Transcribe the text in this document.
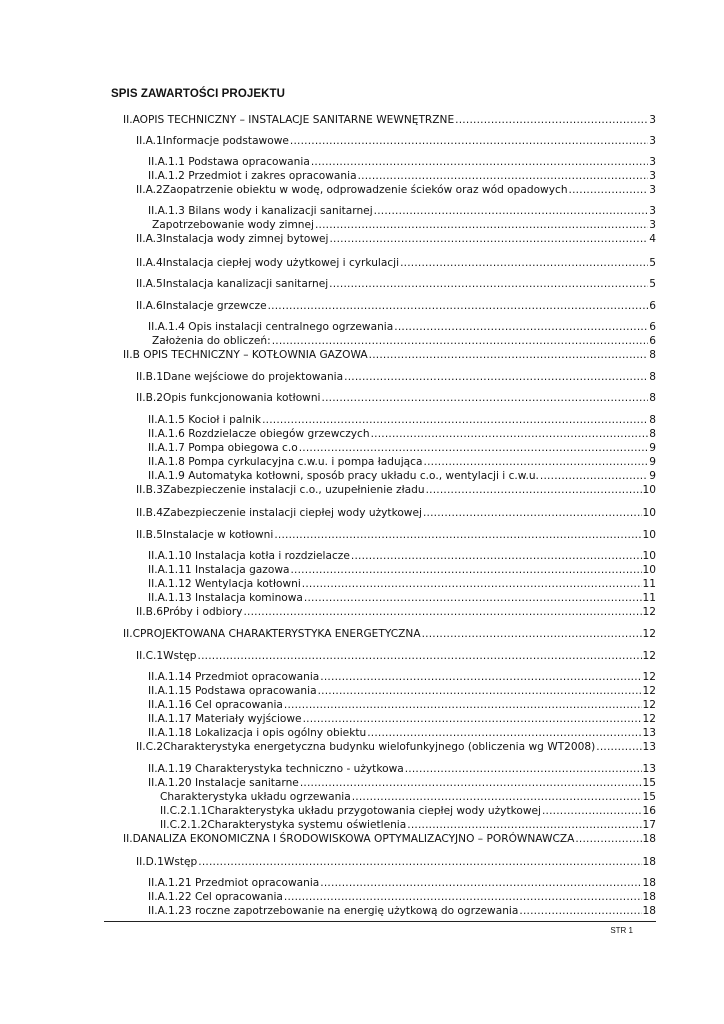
SPIS ZAWARTOŚCI PROJEKTU
II.AOPIS TECHNICZNY – INSTALACJE SANITARNE WEWNĘTRZNE .....	3
II.A.1Informacje podstawowe .....	3
II.A.1.1 Podstawa opracowania .....	3
II.A.1.2 Przedmiot i zakres opracowania .....	3
II.A.2Zaopatrzenie obiektu w wodę, odprowadzenie ścieków oraz wód opadowych .....	3
II.A.1.3 Bilans wody i kanalizacji sanitarnej .....	3
Zapotrzebowanie wody zimnej .....	3
II.A.3Instalacja wody zimnej bytowej .....	4
II.A.4Instalacja ciepłej wody użytkowej i cyrkulacji .....	5
II.A.5Instalacja kanalizacji sanitarnej .....	5
II.A.6Instalacje grzewcze .....	6
II.A.1.4 Opis instalacji centralnego ogrzewania .....	6
Założenia do obliczeń: .....	6
II.B OPIS TECHNICZNY – KOTŁOWNIA GAZOWA .....	8
II.B.1Dane wejściowe do projektowania .....	8
II.B.2Opis funkcjonowania kotłowni .....	8
II.A.1.5 Kocioł i palnik .....	8
II.A.1.6 Rozdzielacze obiegów grzewczych .....	8
II.A.1.7 Pompa obiegowa c.o .....	9
II.A.1.8 Pompa cyrkulacyjna c.w.u. i pompa ładująca .....	9
II.A.1.9 Automatyka kotłowni, sposób pracy układu c.o., wentylacji i c.w.u. .....	9
II.B.3Zabezpieczenie instalacji c.o., uzupełnienie zładu .....	10
II.B.4Zabezpieczenie instalacji ciepłej wody użytkowej .....	10
II.B.5Instalacje w kotłowni .....	10
II.A.1.10 Instalacja kotła i rozdzielacze .....	10
II.A.1.11 Instalacja gazowa .....	10
II.A.1.12 Wentylacja kotłowni .....	11
II.A.1.13 Instalacja kominowa .....	11
II.B.6Próby i odbiory .....	12
II.CPROJEKTOWANA CHARAKTERYSTYKA ENERGETYCZNA .....	12
II.C.1Wstęp .....	12
II.A.1.14 Przedmiot opracowania .....	12
II.A.1.15 Podstawa opracowania .....	12
II.A.1.16 Cel opracowania .....	12
II.A.1.17 Materiały wyjściowe .....	12
II.A.1.18 Lokalizacja i opis ogólny obiektu .....	13
II.C.2Charakterystyka energetyczna budynku wielofunkyjnego (obliczenia wg WT2008) .....	13
II.A.1.19 Charakterystyka techniczno - użytkowa .....	13
II.A.1.20 Instalacje sanitarne .....	15
Charakterystyka układu ogrzewania .....	15
II.C.2.1.1Charakterystyka układu przygotowania ciepłej wody użytkowej .....	16
II.C.2.1.2Charakterystyka systemu oświetlenia .....	17
II.DANALIZA EKONOMICZNA I ŚRODOWISKOWA OPTYMALIZACYJNO – PORÓWNAWCZA .....	18
II.D.1Wstęp .....	18
II.A.1.21 Przedmiot opracowania .....	18
II.A.1.22 Cel opracowania .....	18
II.A.1.23 roczne zapotrzebowanie na energię użytkową do ogrzewania .....	18
STR 1
